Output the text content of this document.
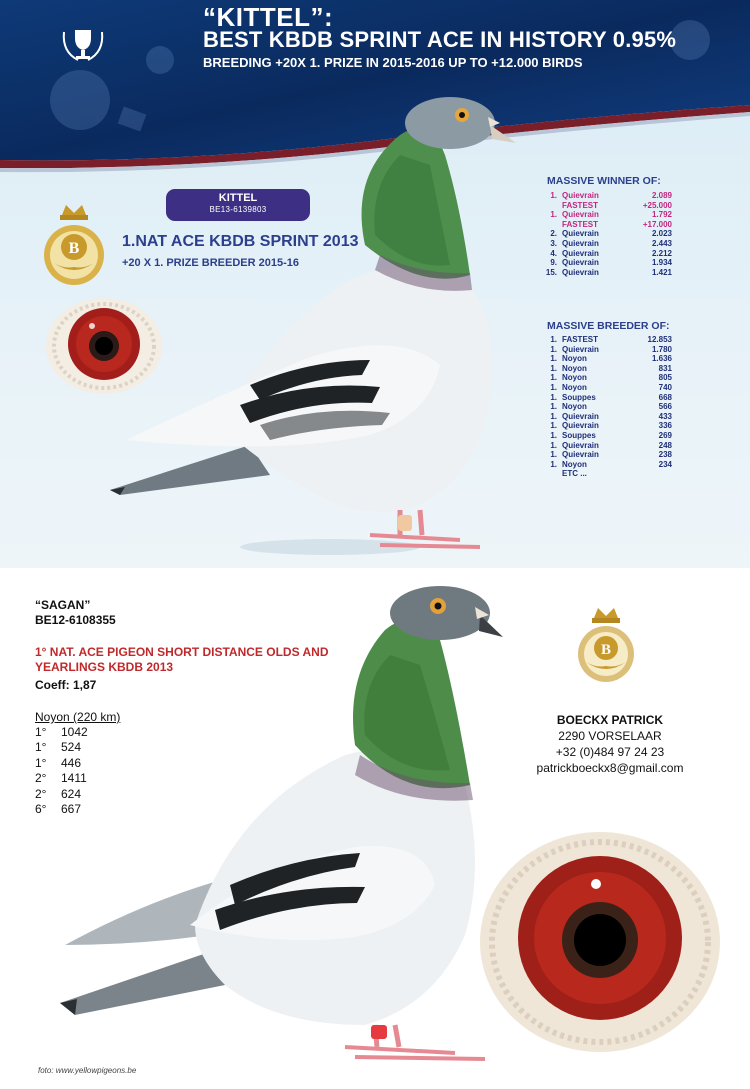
“KITTEL”:
BEST KBDB SPRINT ACE IN HISTORY 0.95%
BREEDING +20X 1. PRIZE IN 2015-2016 UP TO +12.000 BIRDS
B
KITTEL
BE13-6139803
1.NAT ACE KBDB SPRINT 2013
+20 X 1. PRIZE BREEDER 2015-16
MASSIVE WINNER OF:
1. Quievrain	2.089
FASTEST	+25.000
1. Quievrain	1.792
FASTEST	+17.000
2. Quievrain	2.023
3. Quievrain	2.443
4. Quievrain	2.212
9. Quievrain	1.934
15. Quievrain	1.421
MASSIVE BREEDER OF:
1. FASTEST	12.853
1. Quievrain	1.780
1. Noyon	1.636
1. Noyon	831
1. Noyon	805
1. Noyon	740
1. Souppes	668
1. Noyon	566
1. Quievrain	433
1. Quievrain	336
1. Souppes	269
1. Quievrain	248
1. Quievrain	238
1. Noyon	234
ETC ...
“SAGAN”
BE12-6108355
1° NAT. ACE PIGEON SHORT DISTANCE OLDS AND YEARLINGS KBDB 2013
Coeff: 1,87
Noyon (220 km)
1°	1042
1°	524
1°	446
2°	1411
2°	624
6°	667
B
BOECKX PATRICK
2290 VORSELAAR
+32 (0)484 97 24 23
patrickboeckx8@gmail.com
foto: www.yellowpigeons.be
